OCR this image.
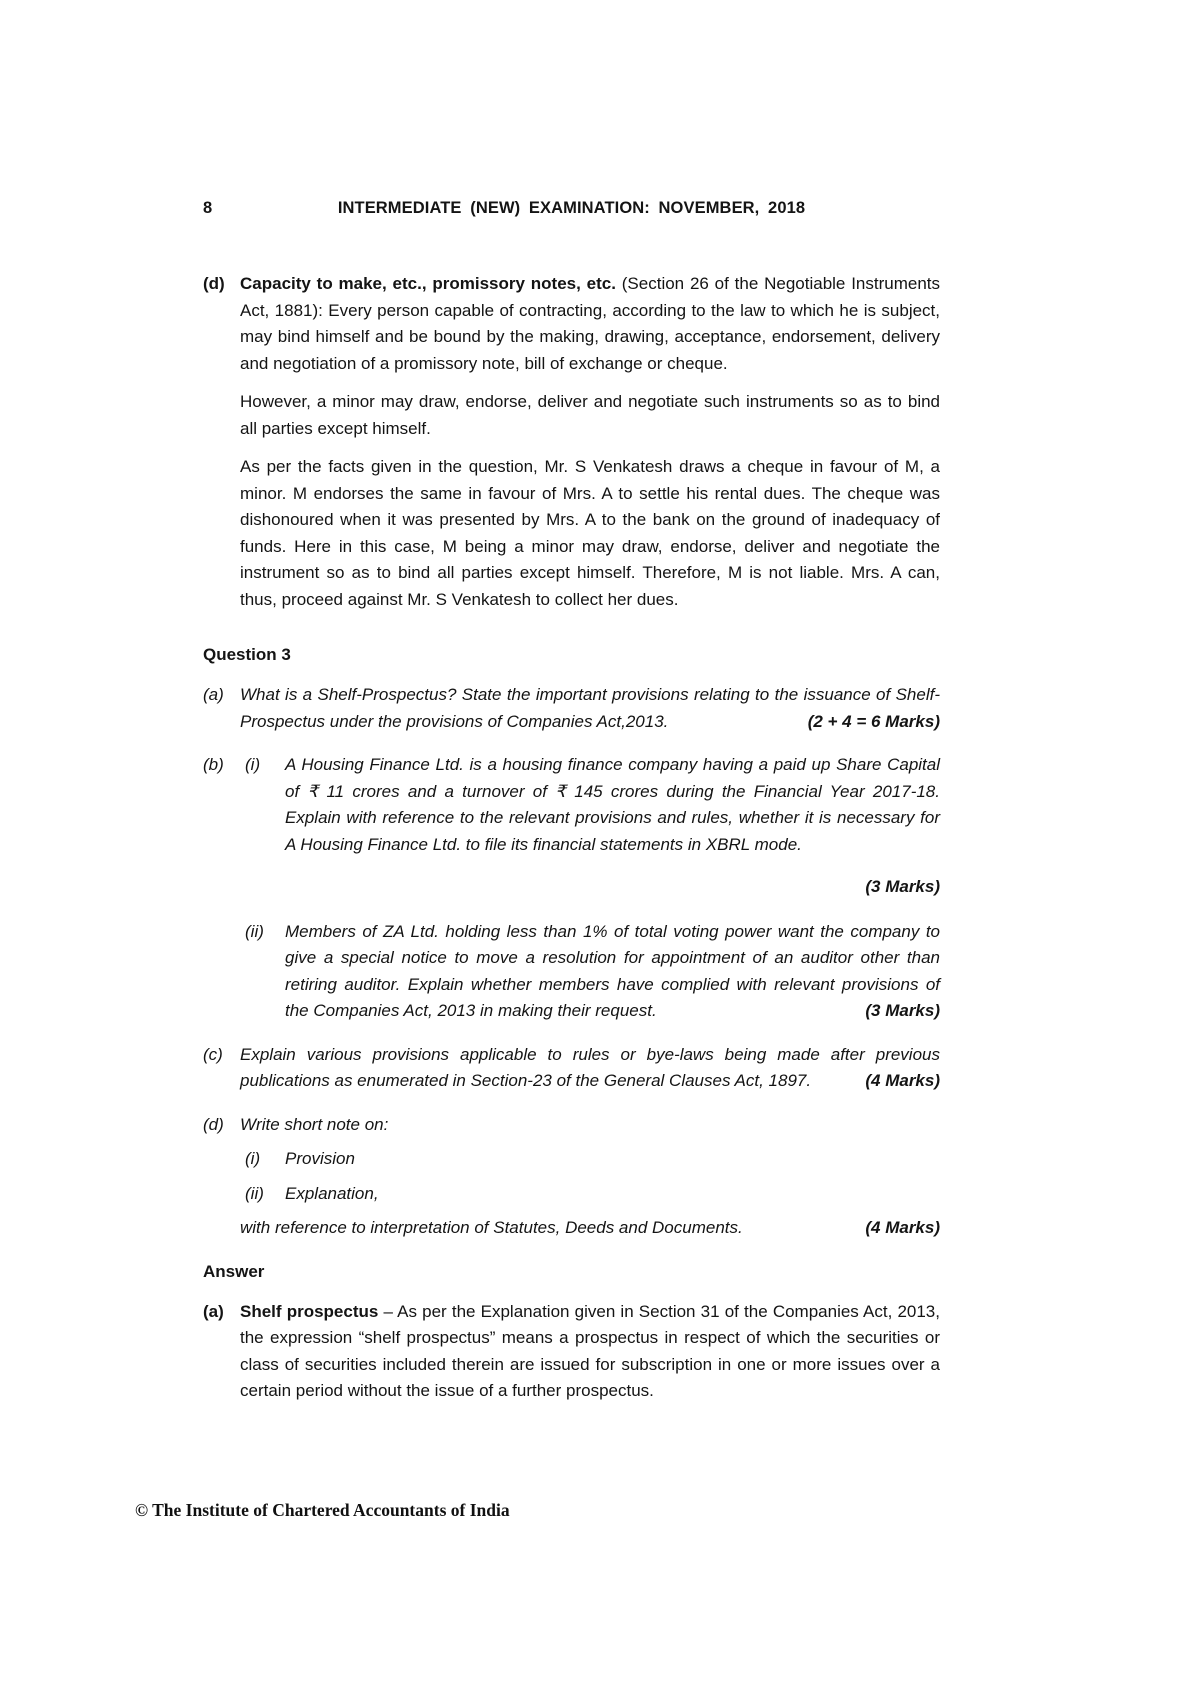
8	INTERMEDIATE (NEW) EXAMINATION: NOVEMBER, 2018
(d) Capacity to make, etc., promissory notes, etc. (Section 26 of the Negotiable Instruments Act, 1881): Every person capable of contracting, according to the law to which he is subject, may bind himself and be bound by the making, drawing, acceptance, endorsement, delivery and negotiation of a promissory note, bill of exchange or cheque.

However, a minor may draw, endorse, deliver and negotiate such instruments so as to bind all parties except himself.

As per the facts given in the question, Mr. S Venkatesh draws a cheque in favour of M, a minor. M endorses the same in favour of Mrs. A to settle his rental dues. The cheque was dishonoured when it was presented by Mrs. A to the bank on the ground of inadequacy of funds. Here in this case, M being a minor may draw, endorse, deliver and negotiate the instrument so as to bind all parties except himself. Therefore, M is not liable. Mrs. A can, thus, proceed against Mr. S Venkatesh to collect her dues.

Question 3
(a) What is a Shelf-Prospectus? State the important provisions relating to the issuance of Shelf-Prospectus under the provisions of Companies Act,2013.	(2 + 4 = 6 Marks)
(b)	(i)	A Housing Finance Ltd. is a housing finance company having a paid up Share Capital of ₹ 11 crores and a turnover of ₹ 145 crores during the Financial Year 2017-18. Explain with reference to the relevant provisions and rules, whether it is necessary for A Housing Finance Ltd. to file its financial statements in XBRL mode.
(3 Marks)
(ii)	Members of ZA Ltd. holding less than 1% of total voting power want the company to give a special notice to move a resolution for appointment of an auditor other than retiring auditor. Explain whether members have complied with relevant provisions of the Companies Act, 2013 in making their request.	(3 Marks)
(c)	Explain various provisions applicable to rules or bye-laws being made after previous publications as enumerated in Section-23 of the General Clauses Act, 1897.	(4 Marks)
(d) Write short note on:

(i)	Provision
(ii)	Explanation,
with reference to interpretation of Statutes, Deeds and Documents.	(4 Marks)
Answer
(a) Shelf prospectus – As per the Explanation given in Section 31 of the Companies Act, 2013, the expression “shelf prospectus” means a prospectus in respect of which the securities or class of securities included therein are issued for subscription in one or more issues over a certain period without the issue of a further prospectus.

© The Institute of Chartered Accountants of India
